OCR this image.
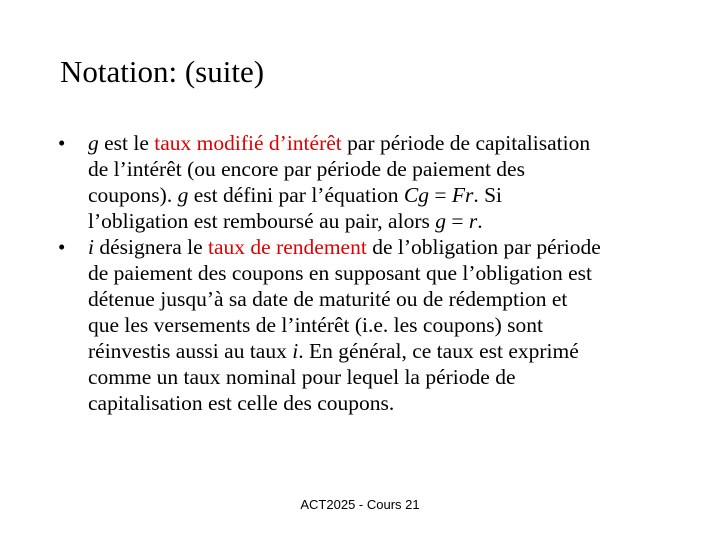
Notation: (suite)
• g est le taux modifié d’intérêt par période de capitalisation
de l’intérêt (ou encore par période de paiement des
coupons). g est défini par l’équation Cg = Fr. Si
l’obligation est remboursé au pair, alors g = r.
• i désignera le taux de rendement de l’obligation par période
de paiement des coupons en supposant que l’obligation est
détenue jusqu’à sa date de maturité ou de rédemption et
que les versements de l’intérêt (i.e. les coupons) sont
réinvestis aussi au taux i. En général, ce taux est exprimé
comme un taux nominal pour lequel la période de
capitalisation est celle des coupons.
ACT2025 - Cours 21
